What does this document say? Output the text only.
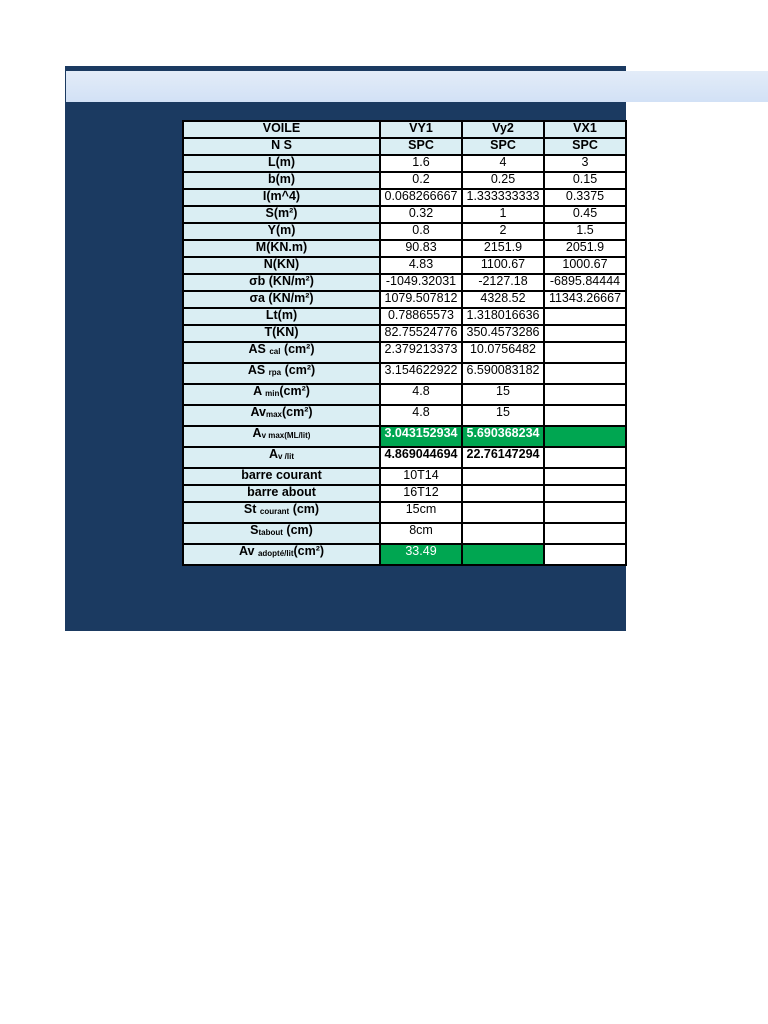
VOILE	VY1	Vy2	VX1
N S	SPC	SPC	SPC
L(m)	1.6	4	3
b(m)	0.2	0.25	0.15
I(m^4)	0.068266667	1.333333333	0.3375
S(m²)	0.32	1	0.45
Y(m)	0.8	2	1.5
M(KN.m)	90.83	2151.9	2051.9
N(KN)	4.83	1100.67	1000.67
σb (KN/m²)	-1049.32031	-2127.18	-6895.84444
σa (KN/m²)	1079.507812	4328.52	11343.26667
Lt(m)	0.78865573	1.318016636	
T(KN)	82.75524776	350.4573286	
AS $_{cal}$ (cm²)	2.379213373	10.0756482	
AS $_{rpa}$ (cm²)	3.154622922	6.590083182	
A $_{min}$(cm²)	4.8	15	
$Av_{max}(cm^2)$	4.8	15	
$A_{v max(ML/lit)}$	3.043152934	5.690368234	
$A_{v /lit}$	4.869044694	22.76147294	
barre courant	10T14		
barre about	16T12		
St $_{courant}$ (cm)	15cm		
$S_{tabout}$ (cm)	8cm		
Av $_{adopté/lit}$(cm²)	33.49		
